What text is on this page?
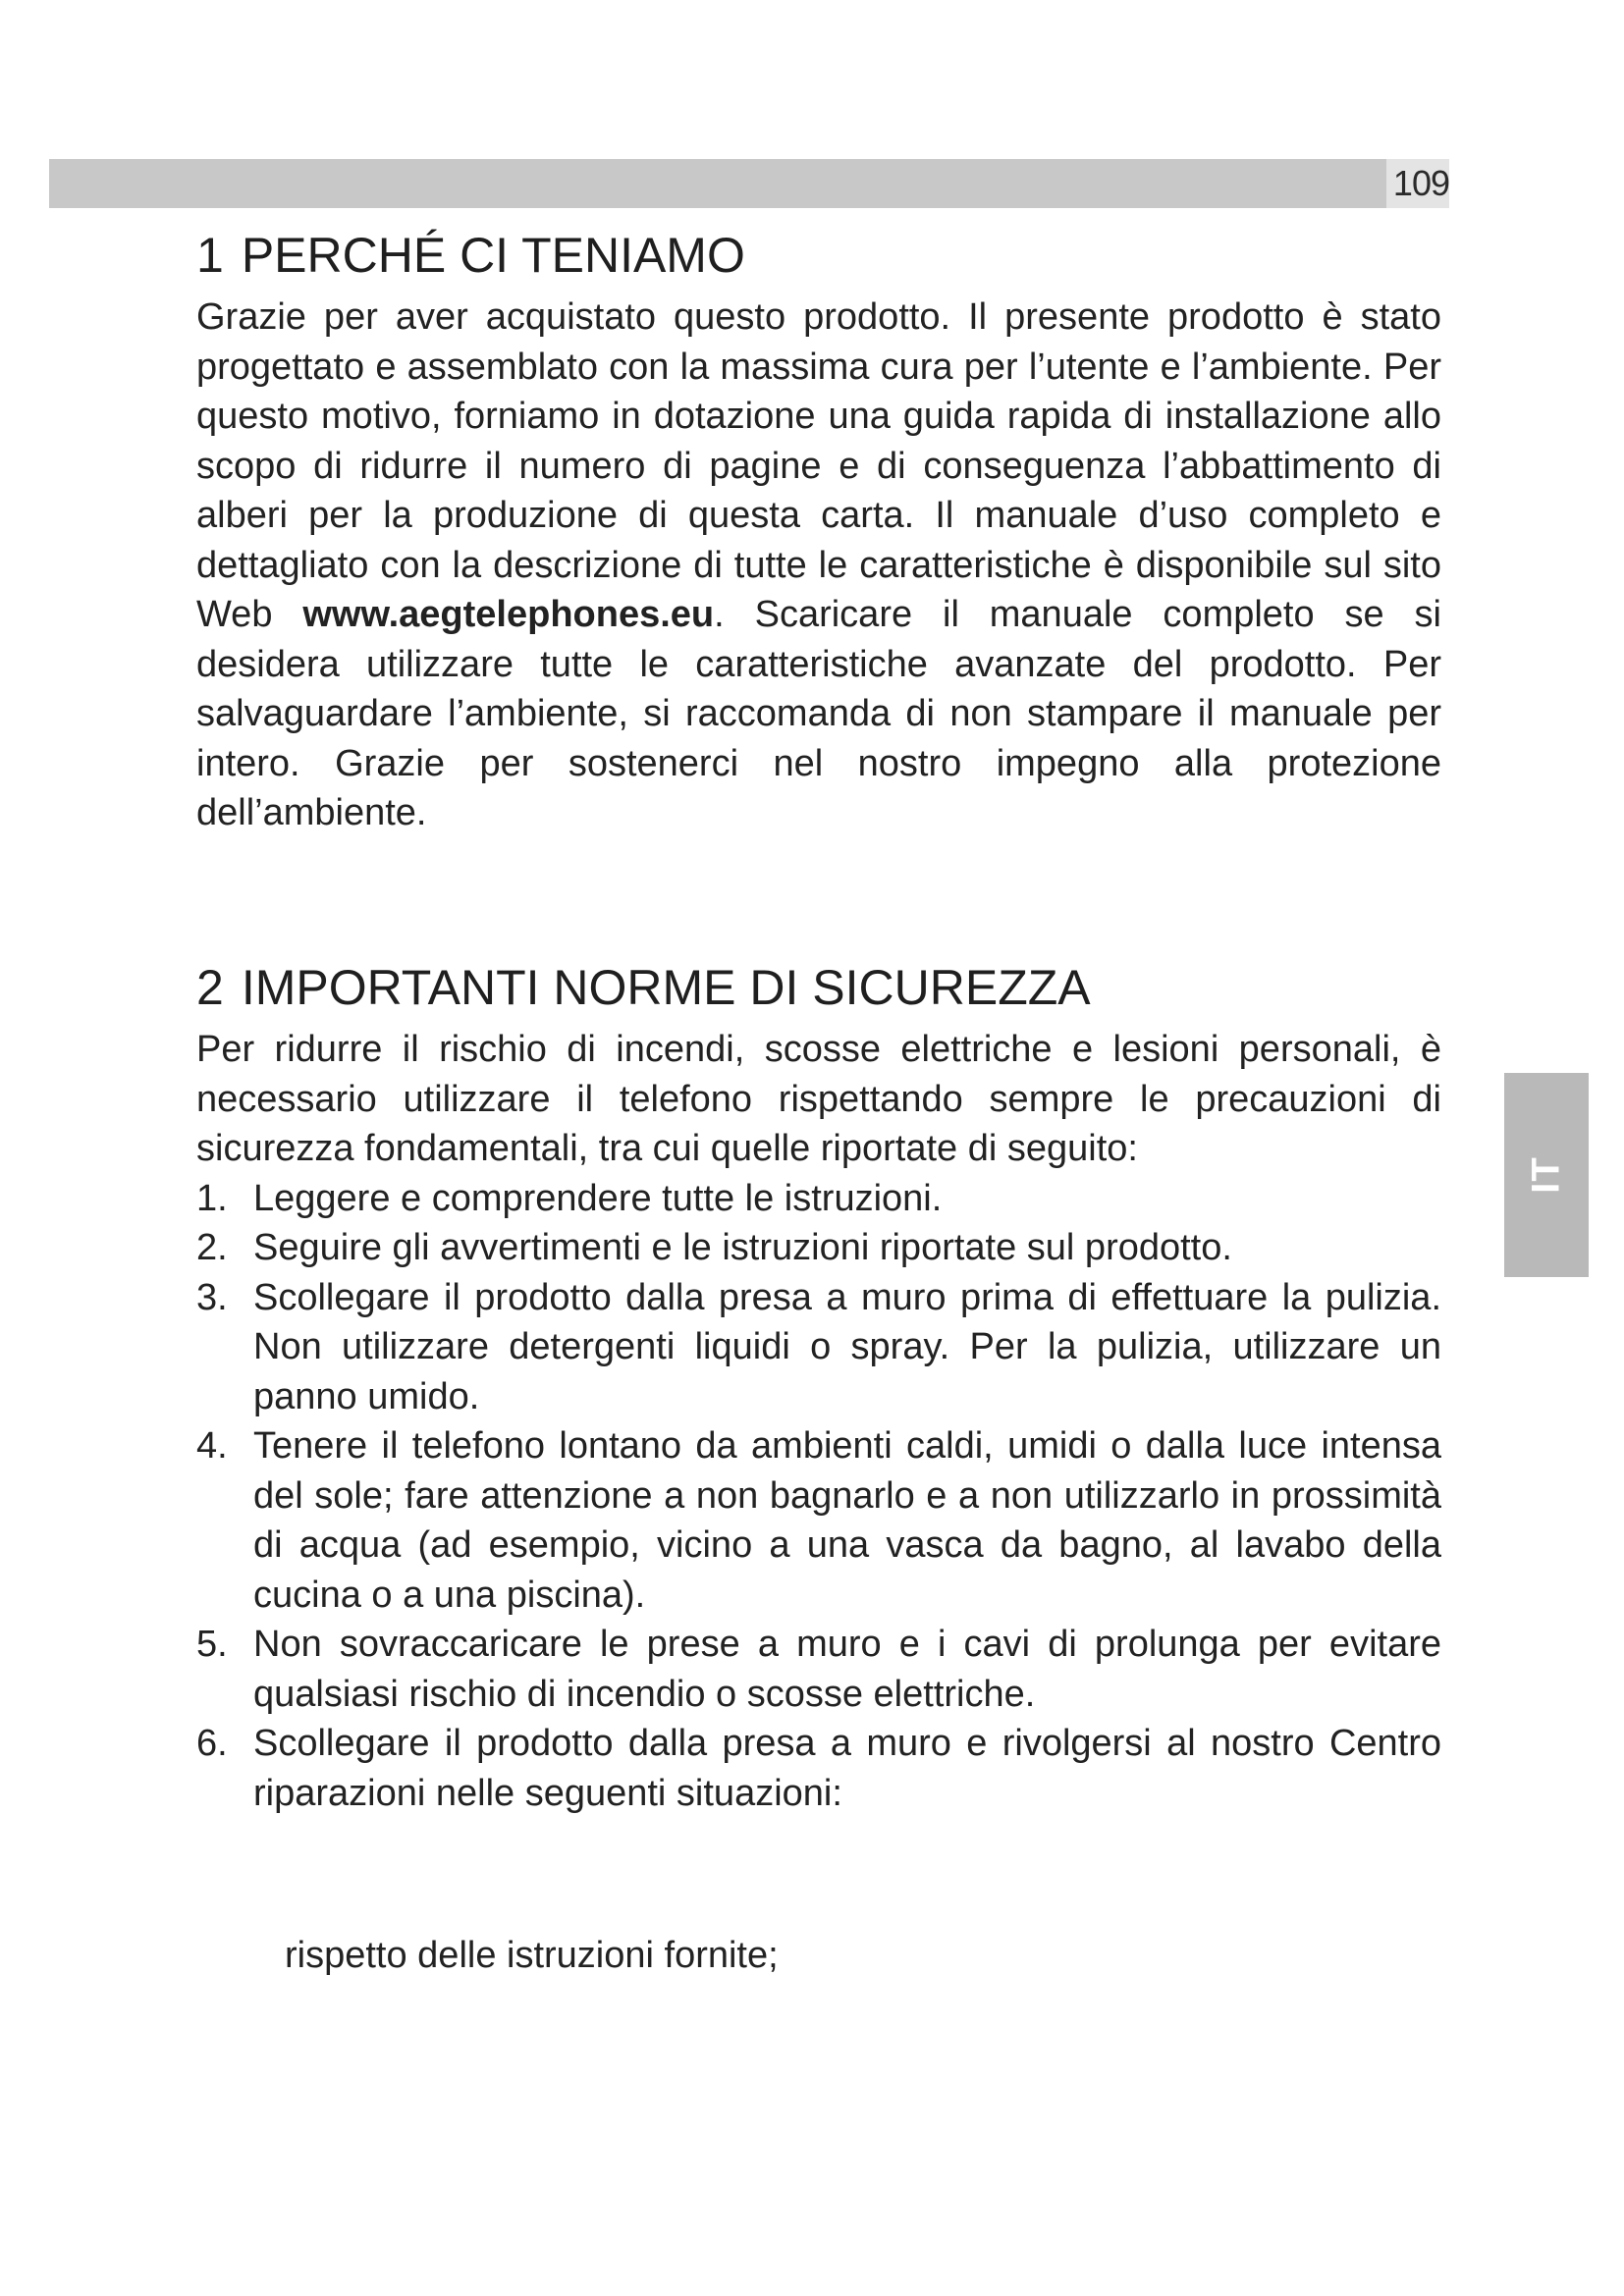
109
IT
1 PERCHÉ CI TENIAMO

Grazie per aver acquistato questo prodotto. Il presente prodotto è stato progettato e assemblato con la massima cura per l’utente e l’ambiente. Per questo motivo, forniamo in dotazione una guida rapida di installazione allo scopo di ridurre il numero di pagine e di conseguenza l’abbattimento di alberi per la produzione di questa carta. Il manuale d’uso completo e dettagliato con la descrizione di tutte le caratteristiche è disponibile sul sito Web www.aegtelephones.eu. Scaricare il manuale completo se si desidera utilizzare tutte le caratteristiche avanzate del prodotto. Per salvaguardare l’ambiente, si raccomanda di non stampare il manuale per intero. Grazie per sostenerci nel nostro impegno alla protezione dell’ambiente.

2 IMPORTANTI NORME DI SICUREZZA

Per ridurre il rischio di incendi, scosse elettriche e lesioni personali, è necessario utilizzare il telefono rispettando sempre le precauzioni di sicurezza fondamentali, tra cui quelle riportate di seguito:

1. Leggere e comprendere tutte le istruzioni.
2. Seguire gli avvertimenti e le istruzioni riportate sul prodotto.
3. Scollegare il prodotto dalla presa a muro prima di effettuare la pulizia. Non utilizzare detergenti liquidi o spray. Per la pulizia, utilizzare un panno umido.
4. Tenere il telefono lontano da ambienti caldi, umidi o dalla luce intensa del sole; fare attenzione a non bagnarlo e a non utilizzarlo in prossimità di acqua (ad esempio, vicino a una vasca da bagno, al lavabo della cucina o a una piscina).
5. Non sovraccaricare le prese a muro e i cavi di prolunga per evitare qualsiasi rischio di incendio o scosse elettriche.
6. Scollegare il prodotto dalla presa a muro e rivolgersi al nostro Centro riparazioni nelle seguenti situazioni:
rispetto delle istruzioni fornite;
